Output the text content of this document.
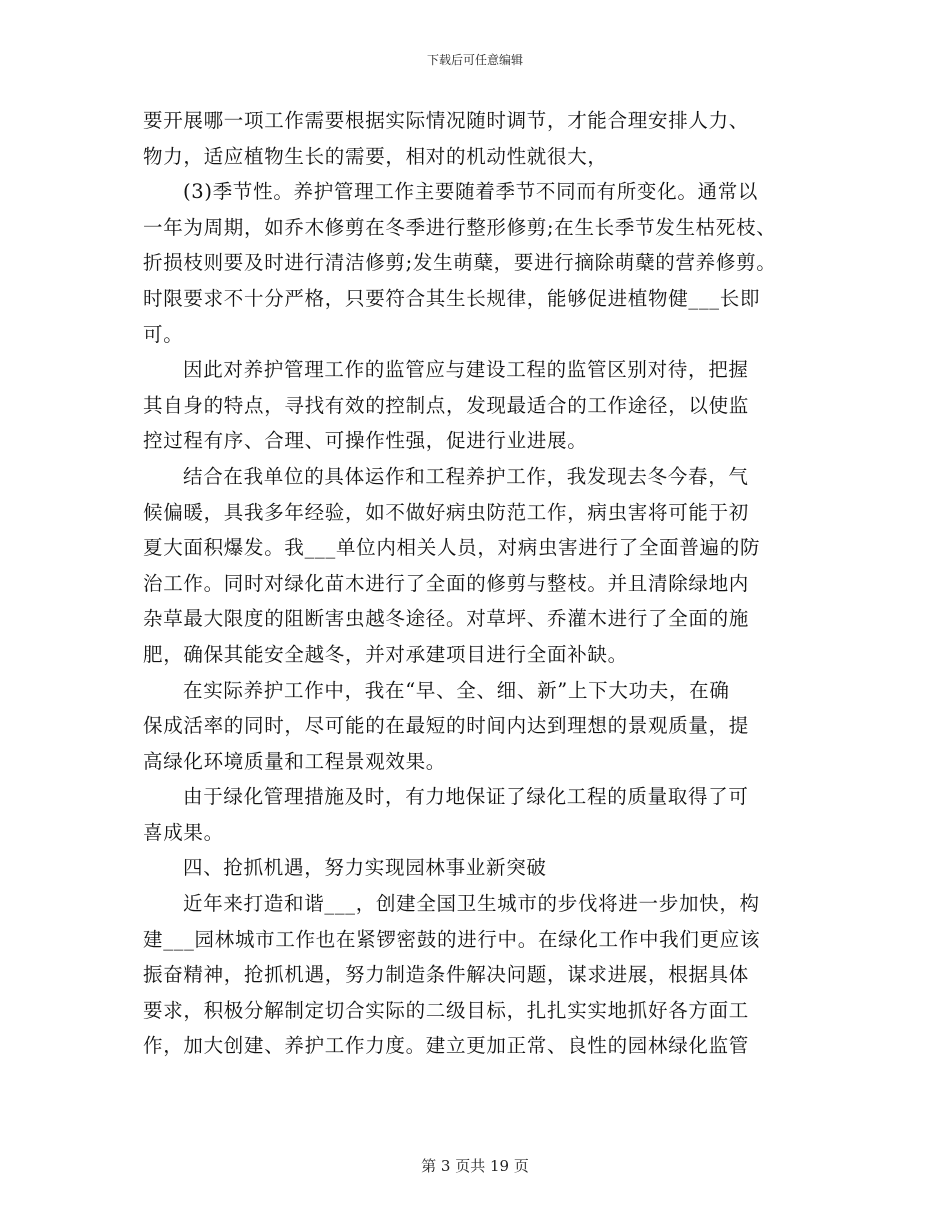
下载后可任意编辑
要开展哪一项工作需要根据实际情况随时调节，才能合理安排人力、
物力，适应植物生长的需要，相对的机动性就很大，
(3)季节性。养护管理工作主要随着季节不同而有所变化。通常以
一年为周期，如乔木修剪在冬季进行整形修剪;在生长季节发生枯死枝、
折损枝则要及时进行清洁修剪;发生萌蘖，要进行摘除萌蘖的营养修剪。
时限要求不十分严格，只要符合其生长规律，能够促进植物健___长即
可。
因此对养护管理工作的监管应与建设工程的监管区别对待，把握
其自身的特点，寻找有效的控制点，发现最适合的工作途径，以使监
控过程有序、合理、可操作性强，促进行业进展。
结合在我单位的具体运作和工程养护工作，我发现去冬今春，气
候偏暖，具我多年经验，如不做好病虫防范工作，病虫害将可能于初
夏大面积爆发。我___单位内相关人员，对病虫害进行了全面普遍的防
治工作。同时对绿化苗木进行了全面的修剪与整枝。并且清除绿地内
杂草最大限度的阻断害虫越冬途径。对草坪、乔灌木进行了全面的施
肥，确保其能安全越冬，并对承建项目进行全面补缺。
在实际养护工作中，我在“早、全、细、新”上下大功夫，在确
保成活率的同时，尽可能的在最短的时间内达到理想的景观质量，提
高绿化环境质量和工程景观效果。
由于绿化管理措施及时，有力地保证了绿化工程的质量取得了可
喜成果。
四、抢抓机遇，努力实现园林事业新突破
近年来打造和谐___，创建全国卫生城市的步伐将进一步加快，构
建___园林城市工作也在紧锣密鼓的进行中。在绿化工作中我们更应该
振奋精神，抢抓机遇，努力制造条件解决问题，谋求进展，根据具体
要求，积极分解制定切合实际的二级目标，扎扎实实地抓好各方面工
作，加大创建、养护工作力度。建立更加正常、良性的园林绿化监管
第 3 页共 19 页
